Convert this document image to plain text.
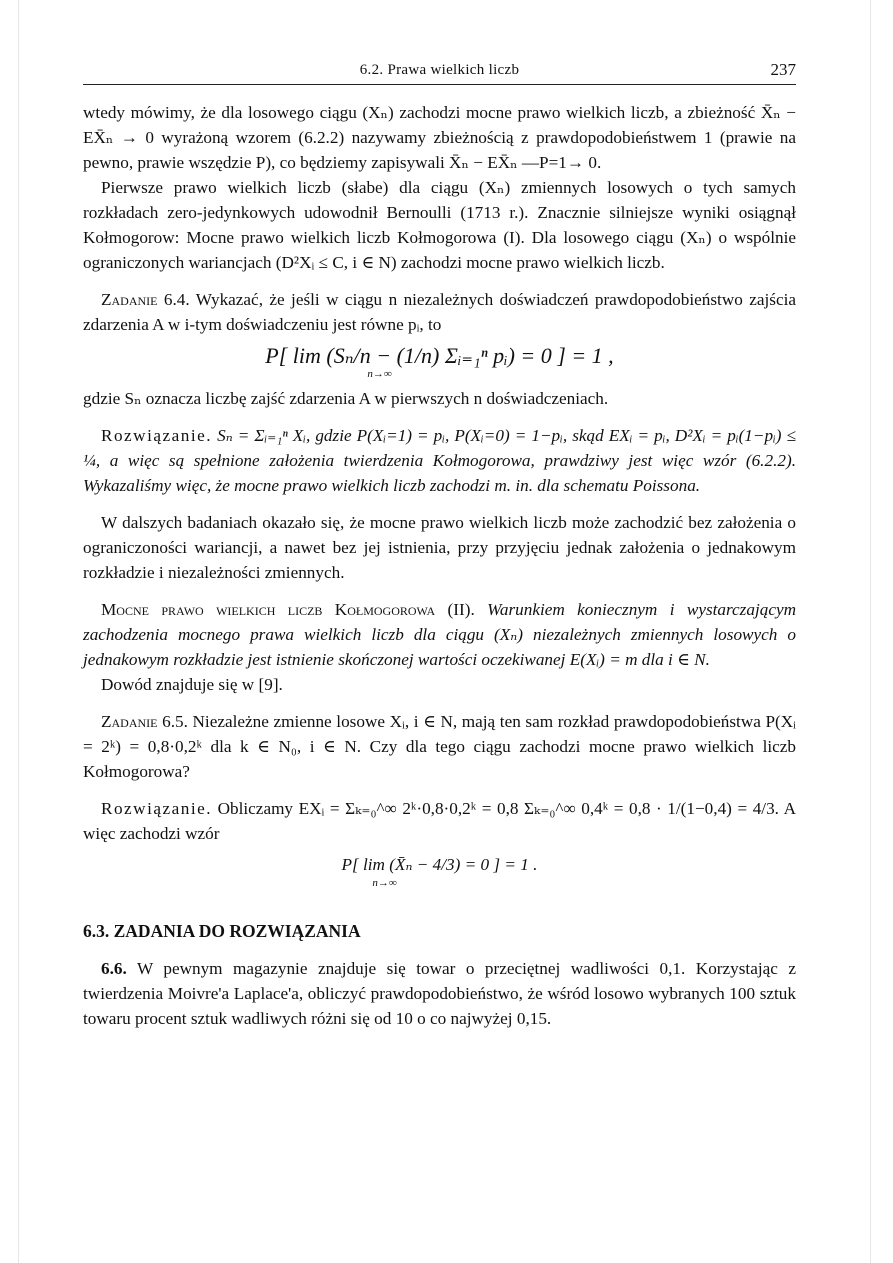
6.2. Prawa wielkich liczb	237

wtedy mówimy, że dla losowego ciągu (Xₙ) zachodzi mocne prawo wielkich liczb, a zbieżność X̄ₙ − EX̄ₙ → 0 wyrażoną wzorem (6.2.2) nazywamy zbieżnością z prawdopodobieństwem 1 (prawie na pewno, prawie wszędzie P), co będziemy zapisywali X̄ₙ − EX̄ₙ —P=1→ 0.

Pierwsze prawo wielkich liczb (słabe) dla ciągu (Xₙ) zmiennych losowych o tych samych rozkładach zero-jedynkowych udowodnił Bernoulli (1713 r.). Znacznie silniejsze wyniki osiągnął Kołmogorow: Mocne prawo wielkich liczb Kołmogorowa (I). Dla losowego ciągu (Xₙ) o wspólnie ograniczonych wariancjach (D²Xᵢ ≤ C, i ∈ N) zachodzi mocne prawo wielkich liczb.

Zadanie 6.4. Wykazać, że jeśli w ciągu n niezależnych doświadczeń prawdopodobieństwo zajścia zdarzenia A w i-tym doświadczeniu jest równe pᵢ, to

P[ lim (Sₙ/n − (1/n) Σᵢ₌₁ⁿ pᵢ) = 0 ] = 1 ,
n→∞

gdzie Sₙ oznacza liczbę zajść zdarzenia A w pierwszych n doświadczeniach.

Rozwiązanie. Sₙ = Σᵢ₌₁ⁿ Xᵢ, gdzie P(Xᵢ=1) = pᵢ, P(Xᵢ=0) = 1−pᵢ, skąd EXᵢ = pᵢ, D²Xᵢ = pᵢ(1−pᵢ) ≤ ¼, a więc są spełnione założenia twierdzenia Kołmogorowa, prawdziwy jest więc wzór (6.2.2). Wykazaliśmy więc, że mocne prawo wielkich liczb zachodzi m. in. dla schematu Poissona.

W dalszych badaniach okazało się, że mocne prawo wielkich liczb może zachodzić bez założenia o ograniczoności wariancji, a nawet bez jej istnienia, przy przyjęciu jednak założenia o jednakowym rozkładzie i niezależności zmiennych.

Mocne prawo wielkich liczb Kołmogorowa (II). Warunkiem koniecznym i wystarczającym zachodzenia mocnego prawa wielkich liczb dla ciągu (Xₙ) niezależnych zmiennych losowych o jednakowym rozkładzie jest istnienie skończonej wartości oczekiwanej E(Xᵢ) = m dla i ∈ N.

Dowód znajduje się w [9].

Zadanie 6.5. Niezależne zmienne losowe Xᵢ, i ∈ N, mają ten sam rozkład prawdopodobieństwa P(Xᵢ = 2ᵏ) = 0,8·0,2ᵏ dla k ∈ N₀, i ∈ N. Czy dla tego ciągu zachodzi mocne prawo wielkich liczb Kołmogorowa?

Rozwiązanie. Obliczamy EXᵢ = Σₖ₌₀^∞ 2ᵏ·0,8·0,2ᵏ = 0,8 Σₖ₌₀^∞ 0,4ᵏ = 0,8 · 1/(1−0,4) = 4/3. A więc zachodzi wzór

P[ lim (X̄ₙ − 4/3) = 0 ] = 1 .
n→∞
6.3. ZADANIA DO ROZWIĄZANIA

6.6. W pewnym magazynie znajduje się towar o przeciętnej wadliwości 0,1. Korzystając z twierdzenia Moivre'a Laplace'a, obliczyć prawdopodobieństwo, że wśród losowo wybranych 100 sztuk towaru procent sztuk wadliwych różni się od 10 o co najwyżej 0,15.
